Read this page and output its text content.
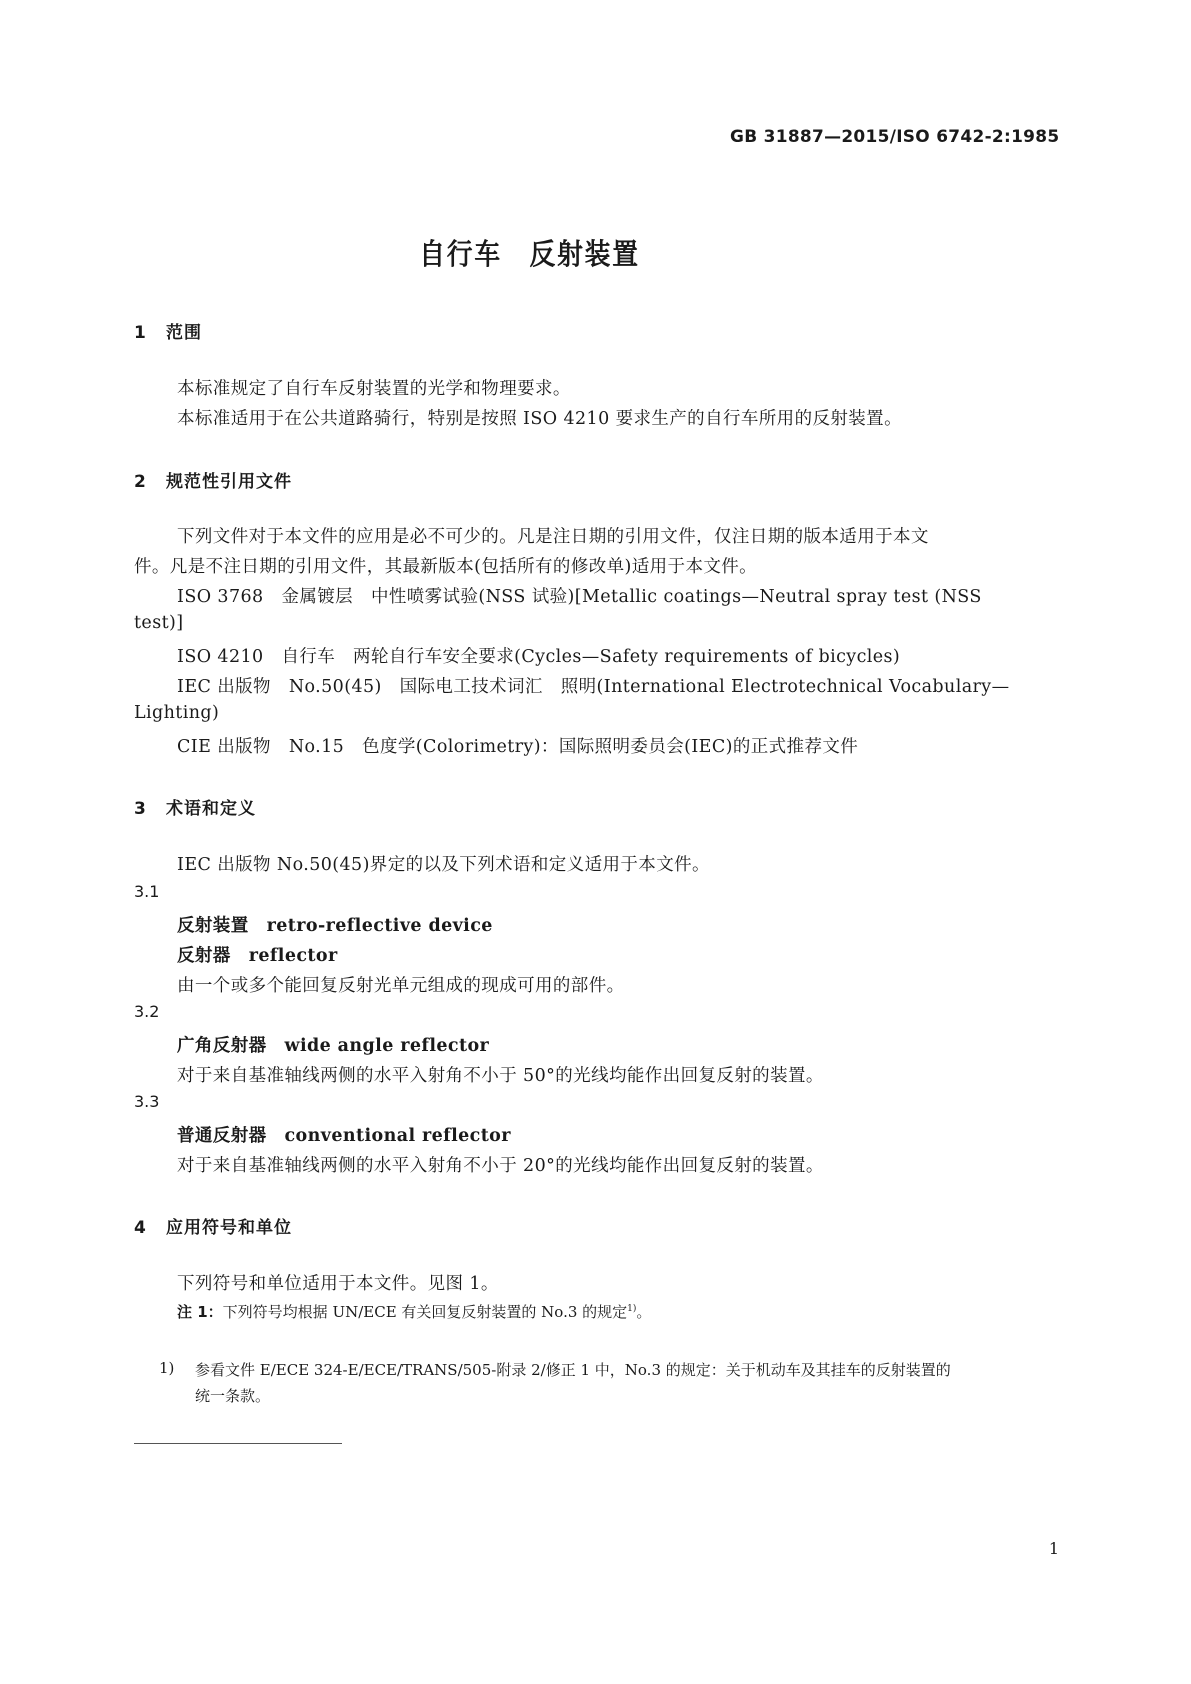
GB 31887—2015/ISO 6742-2:1985
自行车　反射装置
1 范围
本标准规定了自行车反射装置的光学和物理要求。
本标准适用于在公共道路骑行，特别是按照 ISO 4210 要求生产的自行车所用的反射装置。
2 规范性引用文件
下列文件对于本文件的应用是必不可少的。凡是注日期的引用文件，仅注日期的版本适用于本文
件。凡是不注日期的引用文件，其最新版本(包括所有的修改单)适用于本文件。
ISO 3768　金属镀层　中性喷雾试验(NSS 试验)[Metallic coatings—Neutral spray test (NSS
test)]
ISO 4210　自行车　两轮自行车安全要求(Cycles—Safety requirements of bicycles)
IEC 出版物　No.50(45)　国际电工技术词汇　照明(International Electrotechnical Vocabulary—
Lighting)
CIE 出版物　No.15　色度学(Colorimetry)：国际照明委员会(IEC)的正式推荐文件
3 术语和定义
IEC 出版物 No.50(45)界定的以及下列术语和定义适用于本文件。
3.1
反射装置 retro-reflective device
反射器 reflector
由一个或多个能回复反射光单元组成的现成可用的部件。
3.2
广角反射器 wide angle reflector
对于来自基准轴线两侧的水平入射角不小于 50°的光线均能作出回复反射的装置。
3.3
普通反射器 conventional reflector
对于来自基准轴线两侧的水平入射角不小于 20°的光线均能作出回复反射的装置。
4 应用符号和单位
下列符号和单位适用于本文件。见图 1。
注 1：下列符号均根据 UN/ECE 有关回复反射装置的 No.3 的规定$^{1)}$。
1) 参看文件 E/ECE 324-E/ECE/TRANS/505-附录 2/修正 1 中，No.3 的规定：关于机动车及其挂车的反射装置的
统一条款。
1
